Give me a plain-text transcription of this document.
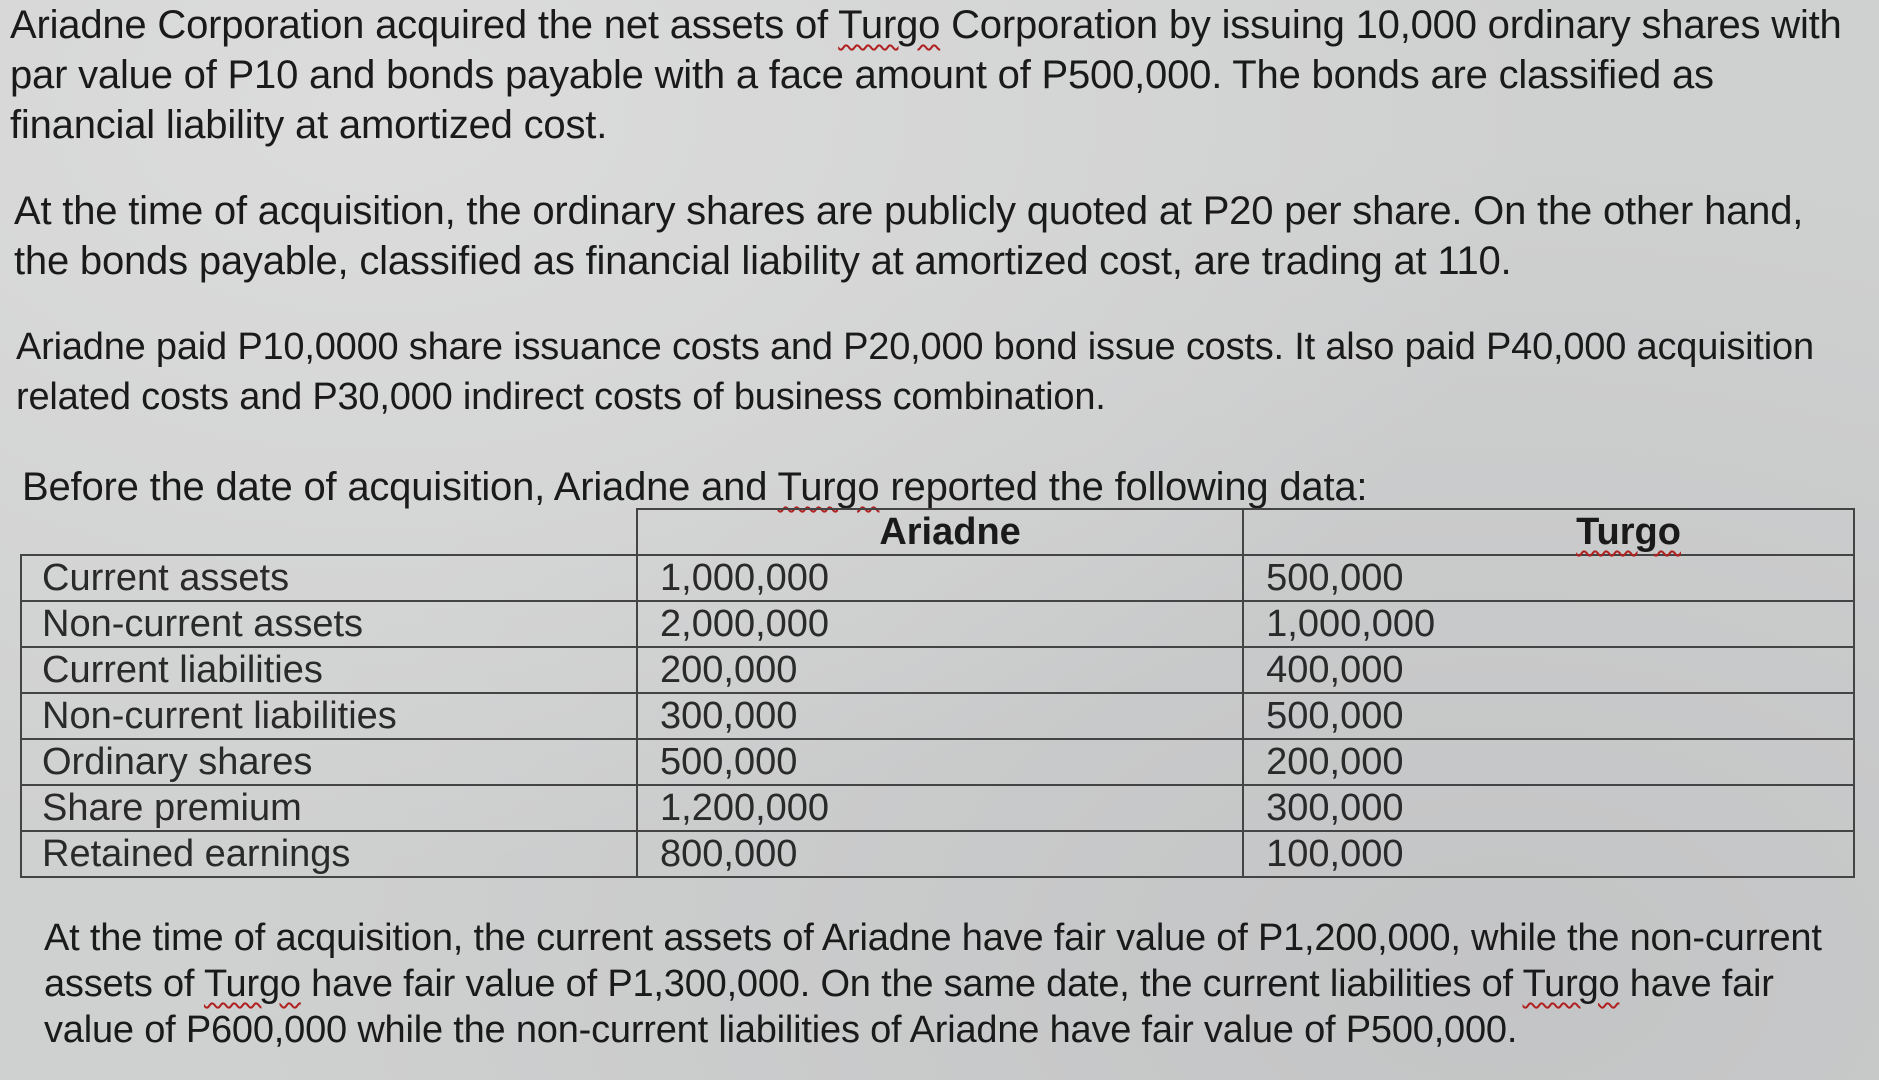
Ariadne Corporation acquired the net assets of Turgo Corporation by issuing 10,000 ordinary shares with par value of P10 and bonds payable with a face amount of P500,000. The bonds are classified as financial liability at amortized cost.

At the time of acquisition, the ordinary shares are publicly quoted at P20 per share. On the other hand, the bonds payable, classified as financial liability at amortized cost, are trading at 110.

Ariadne paid P10,0000 share issuance costs and P20,000 bond issue costs. It also paid P40,000 acquisition related costs and P30,000 indirect costs of business combination.

Before the date of acquisition, Ariadne and Turgo reported the following data:

	Ariadne	Turgo
Current assets	1,000,000	500,000
Non-current assets	2,000,000	1,000,000
Current liabilities	200,000	400,000
Non-current liabilities	300,000	500,000
Ordinary shares	500,000	200,000
Share premium	1,200,000	300,000
Retained earnings	800,000	100,000

At the time of acquisition, the current assets of Ariadne have fair value of P1,200,000, while the non-current assets of Turgo have fair value of P1,300,000. On the same date, the current liabilities of Turgo have fair value of P600,000 while the non-current liabilities of Ariadne have fair value of P500,000.
